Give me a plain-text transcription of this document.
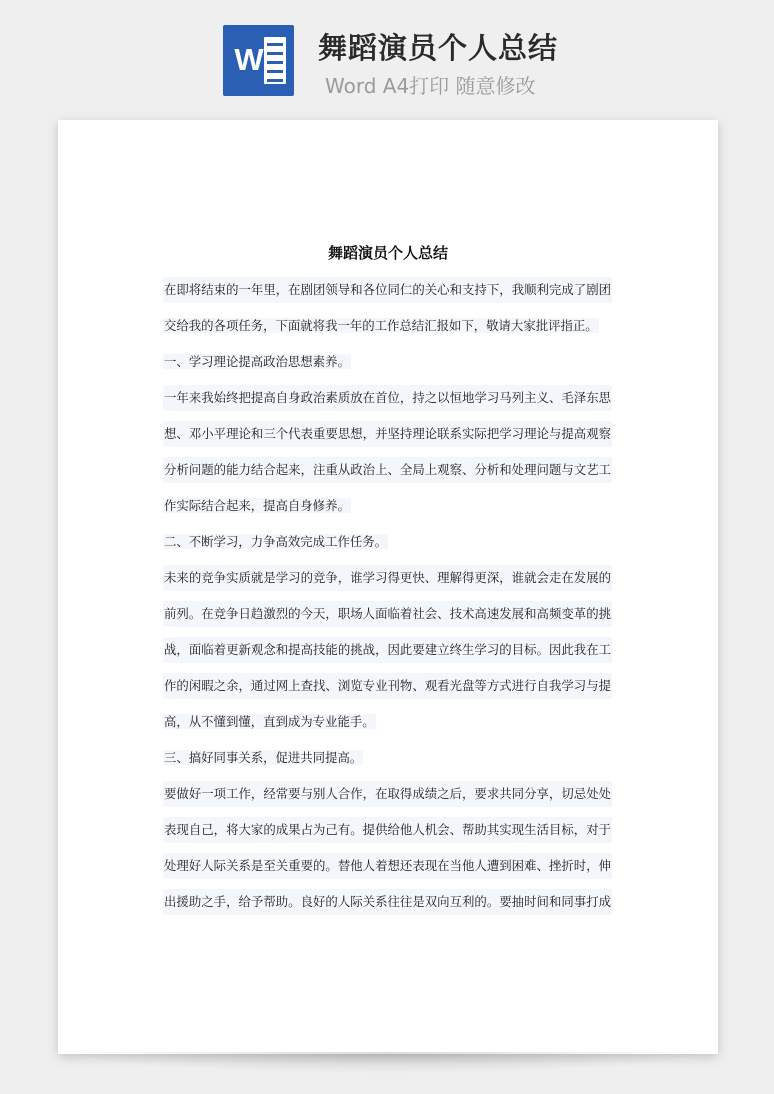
W 舞蹈演员个人总结
Word A4打印 随意修改
舞蹈演员个人总结
在即将结束的一年里，在剧团领导和各位同仁的关心和支持下，我顺利完成了剧团
交给我的各项任务，下面就将我一年的工作总结汇报如下，敬请大家批评指正。
一、学习理论提高政治思想素养。
一年来我始终把提高自身政治素质放在首位，持之以恒地学习马列主义、毛泽东思
想、邓小平理论和三个代表重要思想，并坚持理论联系实际把学习理论与提高观察
分析问题的能力结合起来，注重从政治上、全局上观察、分析和处理问题与文艺工
作实际结合起来，提高自身修养。
二、不断学习，力争高效完成工作任务。
未来的竞争实质就是学习的竞争，谁学习得更快、理解得更深，谁就会走在发展的
前列。在竞争日趋激烈的今天，职场人面临着社会、技术高速发展和高频变革的挑
战，面临着更新观念和提高技能的挑战，因此要建立终生学习的目标。因此我在工
作的闲暇之余，通过网上查找、浏览专业刊物、观看光盘等方式进行自我学习与提
高，从不懂到懂，直到成为专业能手。
三、搞好同事关系，促进共同提高。
要做好一项工作，经常要与别人合作，在取得成绩之后，要求共同分享，切忌处处
表现自己，将大家的成果占为己有。提供给他人机会、帮助其实现生活目标，对于
处理好人际关系是至关重要的。替他人着想还表现在当他人遭到困难、挫折时，伸
出援助之手，给予帮助。良好的人际关系往往是双向互利的。要抽时间和同事打成
